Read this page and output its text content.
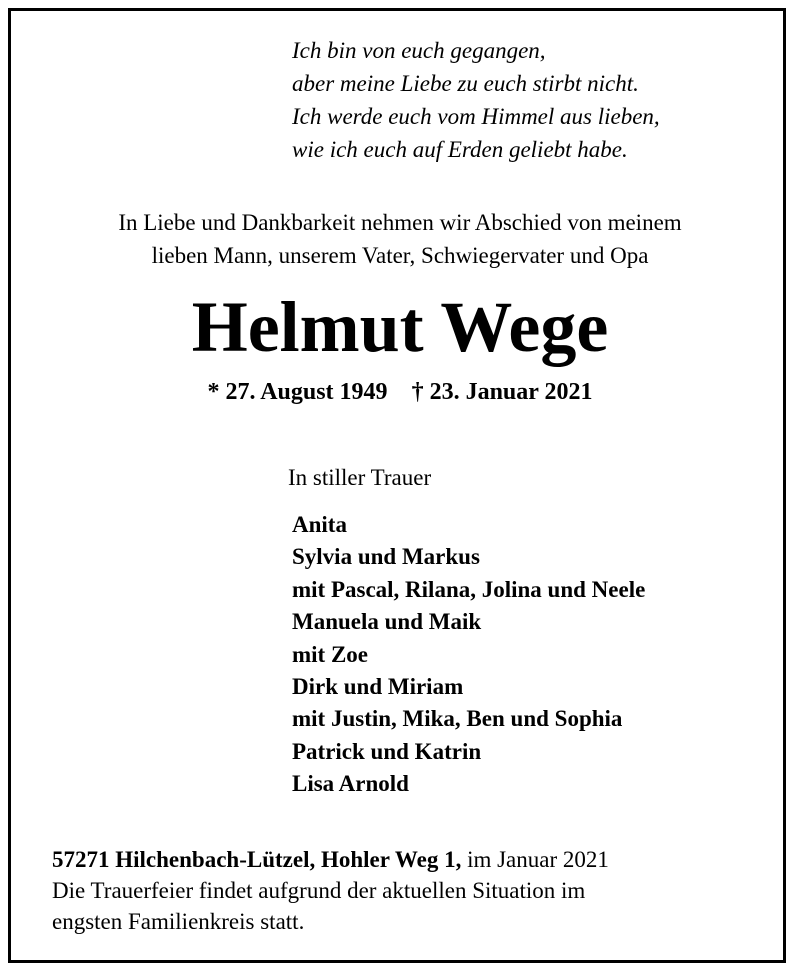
Ich bin von euch gegangen,
aber meine Liebe zu euch stirbt nicht.
Ich werde euch vom Himmel aus lieben,
wie ich euch auf Erden geliebt habe.
In Liebe und Dankbarkeit nehmen wir Abschied von meinem
lieben Mann, unserem Vater, Schwiegervater und Opa
Helmut Wege
* 27. August 1949 † 23. Januar 2021
In stiller Trauer
Anita
Sylvia und Markus
mit Pascal, Rilana, Jolina und Neele
Manuela und Maik
mit Zoe
Dirk und Miriam
mit Justin, Mika, Ben und Sophia
Patrick und Katrin
Lisa Arnold
57271 Hilchenbach-Lützel, Hohler Weg 1, im Januar 2021
Die Trauerfeier findet aufgrund der aktuellen Situation im
engsten Familienkreis statt.
